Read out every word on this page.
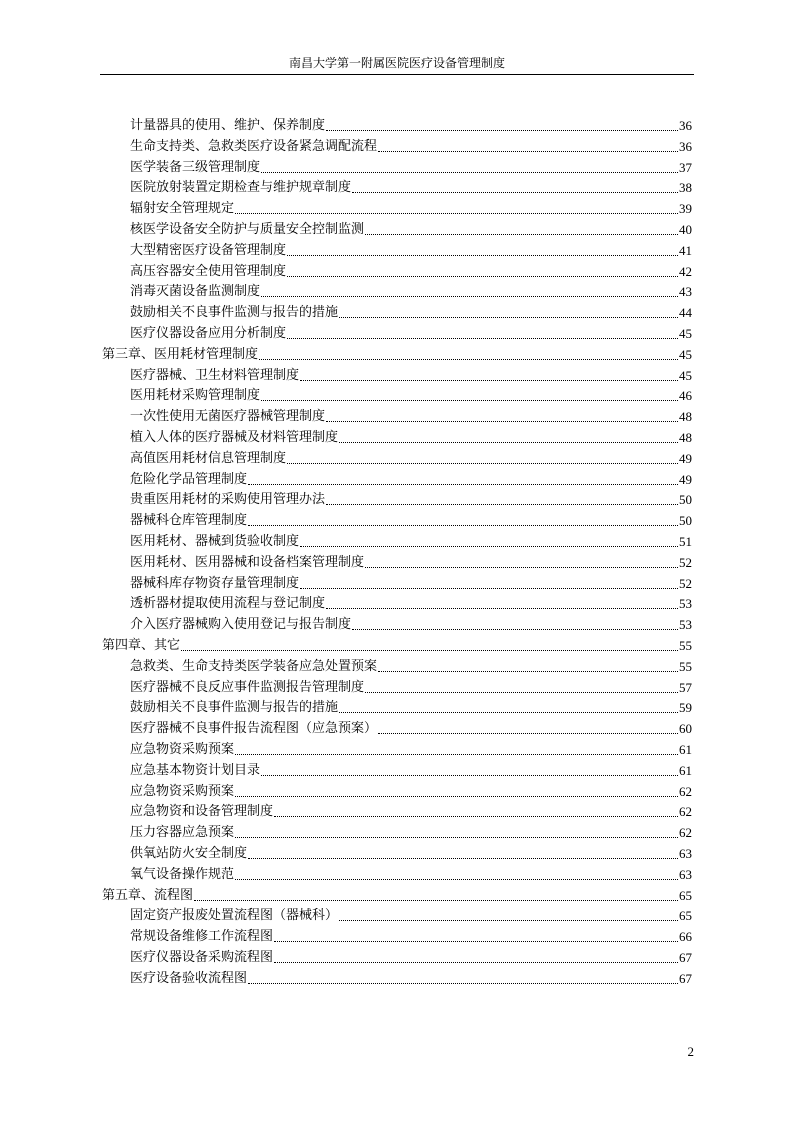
南昌大学第一附属医院医疗设备管理制度
计量器具的使用、维护、保养制度	36
生命支持类、急救类医疗设备紧急调配流程	36
医学装备三级管理制度	37
医院放射装置定期检查与维护规章制度	38
辐射安全管理规定	39
核医学设备安全防护与质量安全控制监测	40
大型精密医疗设备管理制度	41
高压容器安全使用管理制度	42
消毒灭菌设备监测制度	43
鼓励相关不良事件监测与报告的措施	44
医疗仪器设备应用分析制度	45
第三章、医用耗材管理制度	45
医疗器械、卫生材料管理制度	45
医用耗材采购管理制度	46
一次性使用无菌医疗器械管理制度	48
植入人体的医疗器械及材料管理制度	48
高值医用耗材信息管理制度	49
危险化学品管理制度	49
贵重医用耗材的采购使用管理办法	50
器械科仓库管理制度	50
医用耗材、器械到货验收制度	51
医用耗材、医用器械和设备档案管理制度	52
器械科库存物资存量管理制度	52
透析器材提取使用流程与登记制度	53
介入医疗器械购入使用登记与报告制度	53
第四章、其它	55
急救类、生命支持类医学装备应急处置预案	55
医疗器械不良反应事件监测报告管理制度	57
鼓励相关不良事件监测与报告的措施	59
医疗器械不良事件报告流程图（应急预案）	60
应急物资采购预案	61
应急基本物资计划目录	61
应急物资采购预案	62
应急物资和设备管理制度	62
压力容器应急预案	62
供氧站防火安全制度	63
氧气设备操作规范	63
第五章、流程图	65
固定资产报废处置流程图（器械科）	65
常规设备维修工作流程图	66
医疗仪器设备采购流程图	67
医疗设备验收流程图	67
2
